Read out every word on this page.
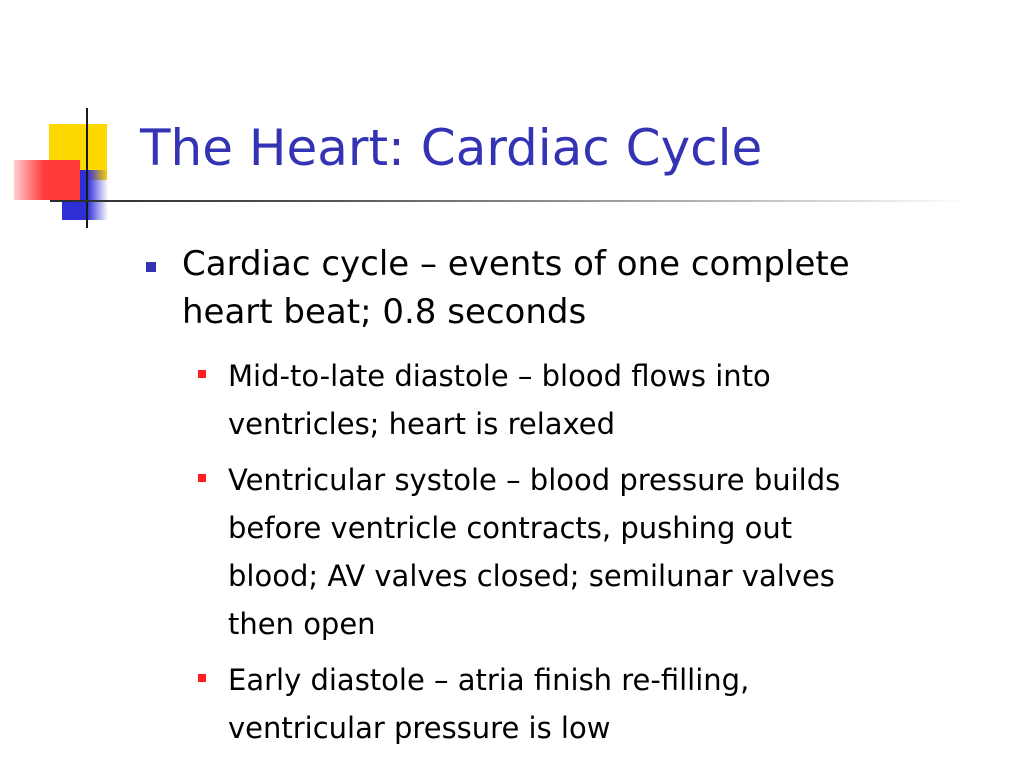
The Heart: Cardiac Cycle

Cardiac cycle – events of one complete
heart beat; 0.8 seconds

Mid-to-late diastole – blood flows into
ventricles; heart is relaxed

Ventricular systole – blood pressure builds
before ventricle contracts, pushing out
blood; AV valves closed; semilunar valves
then open

Early diastole – atria finish re-filling,
ventricular pressure is low
